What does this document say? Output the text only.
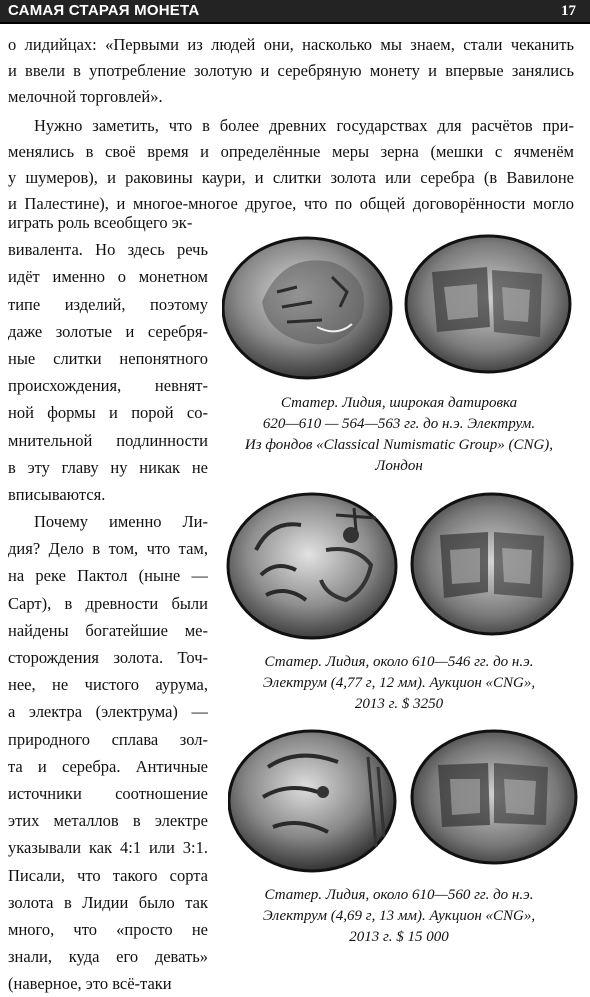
САМАЯ СТАРАЯ МОНЕТА	17
о лидийцах: «Первыми из людей они, насколько мы знаем, стали чеканить
и ввели в употребление золотую и серебряную монету и впервые занялись
мелочной торговлей».
Нужно заметить, что в более древних государствах для расчётов при-
менялись в своё время и определённые меры зерна (мешки с ячменём
у шумеров), и раковины каури, и слитки золота или серебра (в Вавилоне
и Палестине), и многое-многое другое, что по общей договорённости могло
играть роль всеобщего эк-
вивалента. Но здесь речь
идёт именно о монетном
типе изделий, поэтому
даже золотые и серебря-
ные слитки непонятного
происхождения, невнят-
ной формы и порой со-
мнительной подлинности
в эту главу ну никак не
вписываются.
Почему именно Ли-
дия? Дело в том, что там,
на реке Пактол (ныне —
Сарт), в древности были
найдены богатейшие ме-
сторождения золота. Точ-
нее, не чистого аурума,
а электра (электрума) —
природного сплава зол-
та и серебра. Античные
источники соотношение
этих металлов в электре
указывали как 4:1 или 3:1.
Писали, что такого сорта
золота в Лидии было так
много, что «просто не
знали, куда его девать»
(наверное, это всё-таки
Статер. Лидия, широкая датировка
620—610 — 564—563 гг. до н.э. Электрум.
Из фондов «Classical Numismatic Group» (CNG),
Лондон
Статер. Лидия, около 610—546 гг. до н.э.
Электрум (4,77 г, 12 мм). Аукцион «CNG»,
2013 г. $ 3250
Статер. Лидия, около 610—560 гг. до н.э.
Электрум (4,69 г, 13 мм). Аукцион «CNG»,
2013 г. $ 15 000
